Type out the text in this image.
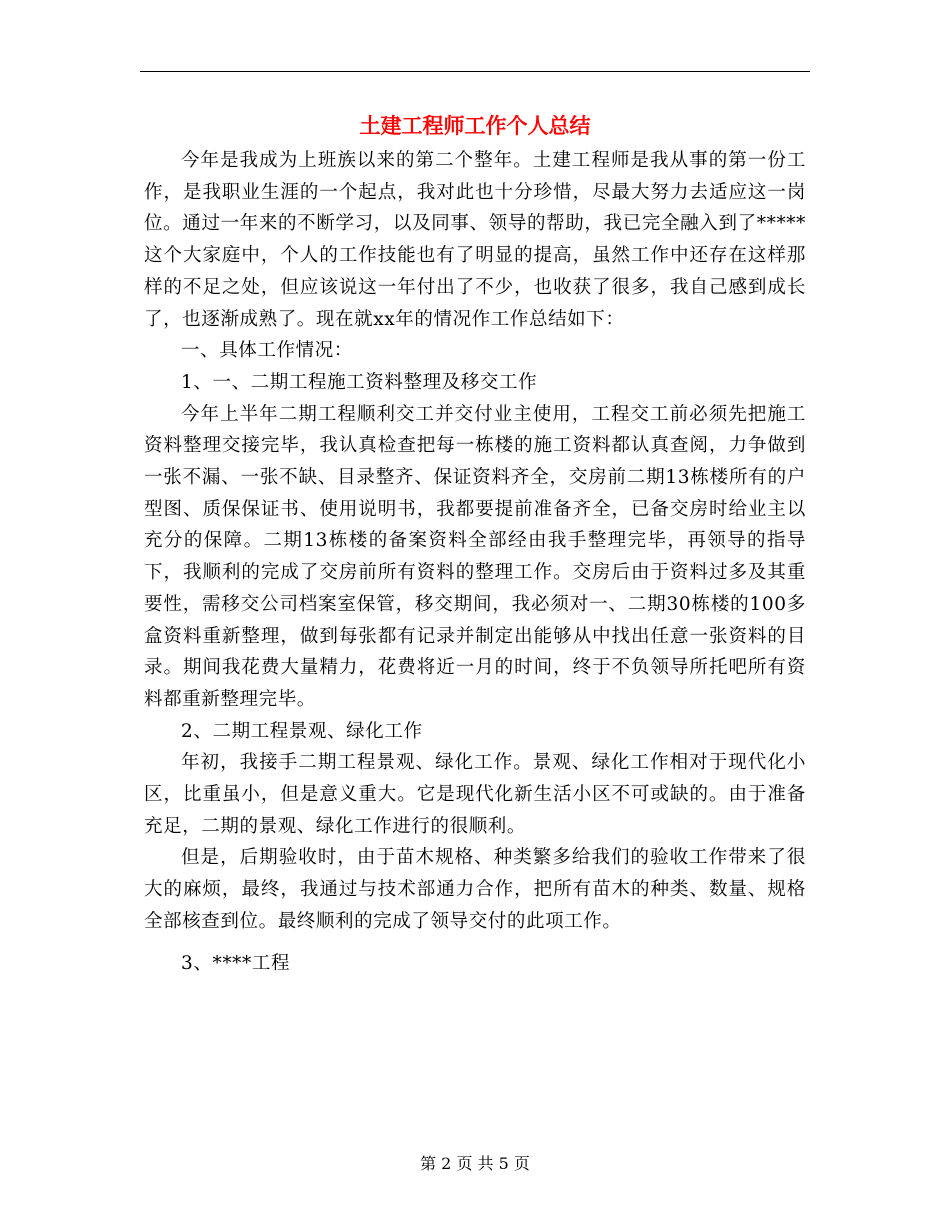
土建工程师工作个人总结

今年是我成为上班族以来的第二个整年。土建工程师是我从事的第一份工作，是我职业生涯的一个起点，我对此也十分珍惜，尽最大努力去适应这一岗位。通过一年来的不断学习，以及同事、领导的帮助，我已完全融入到了*****这个大家庭中，个人的工作技能也有了明显的提高，虽然工作中还存在这样那样的不足之处，但应该说这一年付出了不少，也收获了很多，我自己感到成长了，也逐渐成熟了。现在就xx年的情况作工作总结如下：

一、具体工作情况：

1、一、二期工程施工资料整理及移交工作

今年上半年二期工程顺利交工并交付业主使用，工程交工前必须先把施工资料整理交接完毕，我认真检查把每一栋楼的施工资料都认真查阅，力争做到一张不漏、一张不缺、目录整齐、保证资料齐全，交房前二期13栋楼所有的户型图、质保保证书、使用说明书，我都要提前准备齐全，已备交房时给业主以充分的保障。二期13栋楼的备案资料全部经由我手整理完毕，再领导的指导下，我顺利的完成了交房前所有资料的整理工作。交房后由于资料过多及其重要性，需移交公司档案室保管，移交期间，我必须对一、二期30栋楼的100多盒资料重新整理，做到每张都有记录并制定出能够从中找出任意一张资料的目录。期间我花费大量精力，花费将近一月的时间，终于不负领导所托吧所有资料都重新整理完毕。

2、二期工程景观、绿化工作

年初，我接手二期工程景观、绿化工作。景观、绿化工作相对于现代化小区，比重虽小，但是意义重大。它是现代化新生活小区不可或缺的。由于准备充足，二期的景观、绿化工作进行的很顺利。

但是，后期验收时，由于苗木规格、种类繁多给我们的验收工作带来了很大的麻烦，最终，我通过与技术部通力合作，把所有苗木的种类、数量、规格全部核查到位。最终顺利的完成了领导交付的此项工作。

3、****工程

第 2 页 共 5 页
